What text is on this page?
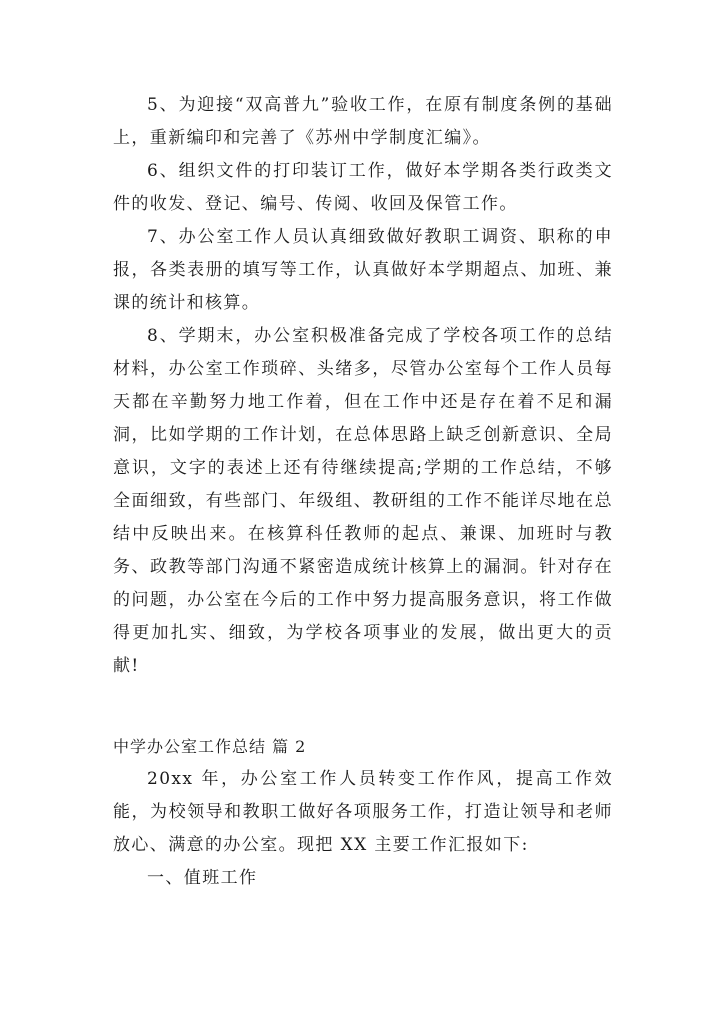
5、为迎接“双高普九”验收工作，在原有制度条例的基础上，重新编印和完善了《苏州中学制度汇编》。

6、组织文件的打印装订工作，做好本学期各类行政类文件的收发、登记、编号、传阅、收回及保管工作。

7、办公室工作人员认真细致做好教职工调资、职称的申报，各类表册的填写等工作，认真做好本学期超点、加班、兼课的统计和核算。

8、学期末，办公室积极准备完成了学校各项工作的总结材料，办公室工作琐碎、头绪多，尽管办公室每个工作人员每天都在辛勤努力地工作着，但在工作中还是存在着不足和漏洞，比如学期的工作计划，在总体思路上缺乏创新意识、全局意识，文字的表述上还有待继续提高;学期的工作总结，不够全面细致，有些部门、年级组、教研组的工作不能详尽地在总结中反映出来。在核算科任教师的起点、兼课、加班时与教务、政教等部门沟通不紧密造成统计核算上的漏洞。针对存在的问题，办公室在今后的工作中努力提高服务意识，将工作做得更加扎实、细致，为学校各项事业的发展，做出更大的贡献!

中学办公室工作总结 篇 2

20xx 年，办公室工作人员转变工作作风，提高工作效能，为校领导和教职工做好各项服务工作，打造让领导和老师放心、满意的办公室。现把 XX 主要工作汇报如下:

一、值班工作
